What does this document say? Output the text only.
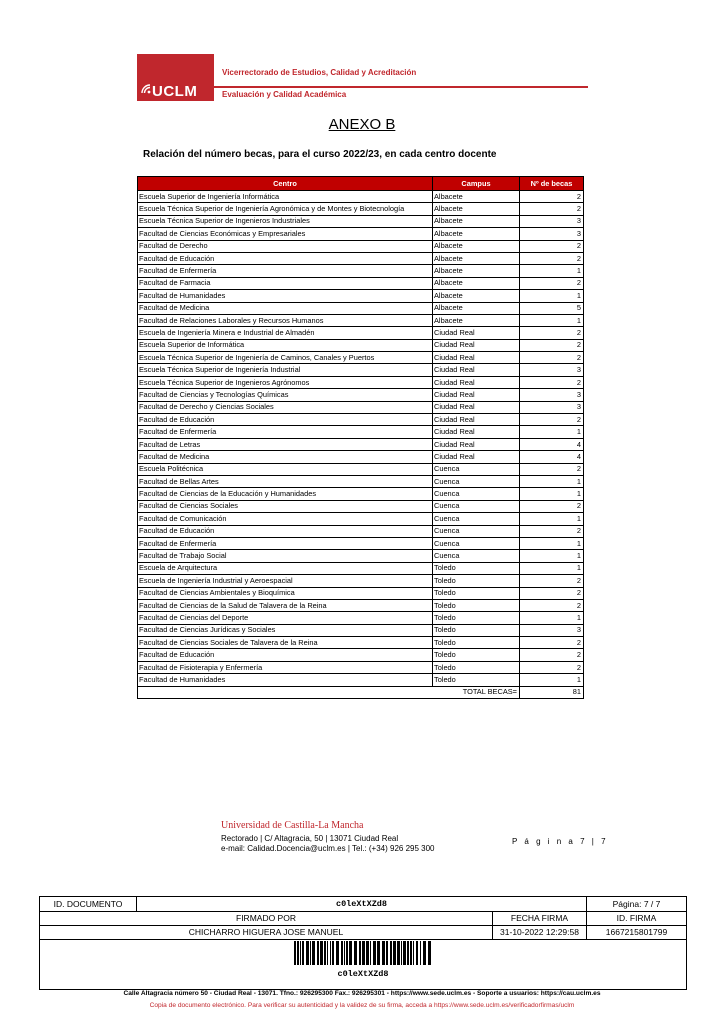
UCLM
Vicerrectorado de Estudios, Calidad y Acreditación
Evaluación y Calidad Académica
ANEXO B
Relación del número becas, para el curso 2022/23, en cada centro docente
Centro	Campus	Nº de becas
Escuela Superior de Ingeniería Informática	Albacete	2
Escuela Técnica Superior de Ingeniería Agronómica y de Montes y Biotecnología	Albacete	2
Escuela Técnica Superior de Ingenieros Industriales	Albacete	3
Facultad de Ciencias Económicas y Empresariales	Albacete	3
Facultad de Derecho	Albacete	2
Facultad de Educación	Albacete	2
Facultad de Enfermería	Albacete	1
Facultad de Farmacia	Albacete	2
Facultad de Humanidades	Albacete	1
Facultad de Medicina	Albacete	5
Facultad de Relaciones Laborales y Recursos Humanos	Albacete	1
Escuela de Ingeniería Minera e Industrial de Almadén	Ciudad Real	2
Escuela Superior de Informática	Ciudad Real	2
Escuela Técnica Superior de Ingeniería de Caminos, Canales y Puertos	Ciudad Real	2
Escuela Técnica Superior de Ingeniería Industrial	Ciudad Real	3
Escuela Técnica Superior de Ingenieros Agrónomos	Ciudad Real	2
Facultad de Ciencias y Tecnologías Químicas	Ciudad Real	3
Facultad de Derecho y Ciencias Sociales	Ciudad Real	3
Facultad de Educación	Ciudad Real	2
Facultad de Enfermería	Ciudad Real	1
Facultad de Letras	Ciudad Real	4
Facultad de Medicina	Ciudad Real	4
Escuela Politécnica	Cuenca	2
Facultad de Bellas Artes	Cuenca	1
Facultad de Ciencias de la Educación y Humanidades	Cuenca	1
Facultad de Ciencias Sociales	Cuenca	2
Facultad de Comunicación	Cuenca	1
Facultad de Educación	Cuenca	2
Facultad de Enfermería	Cuenca	1
Facultad de Trabajo Social	Cuenca	1
Escuela de Arquitectura	Toledo	1
Escuela de Ingeniería Industrial y Aeroespacial	Toledo	2
Facultad de Ciencias Ambientales y Bioquímica	Toledo	2
Facultad de Ciencias de la Salud de Talavera de la Reina	Toledo	2
Facultad de Ciencias del Deporte	Toledo	1
Facultad de Ciencias Jurídicas y Sociales	Toledo	3
Facultad de Ciencias Sociales de Talavera de la Reina	Toledo	2
Facultad de Educación	Toledo	2
Facultad de Fisioterapia y Enfermería	Toledo	2
Facultad de Humanidades	Toledo	1
	TOTAL BECAS=	81
Universidad de Castilla-La Mancha
Rectorado | C/ Altagracia, 50 | 13071 Ciudad Real
e-mail: Calidad.Docencia@uclm.es | Tel.: (+34) 926 295 300
P á g i n a 7 | 7
ID. DOCUMENTO	c0leXtXZd8	Página: 7 / 7
FIRMADO POR	FECHA FIRMA	ID. FIRMA
CHICHARRO HIGUERA JOSE MANUEL	31-10-2022 12:29:58	1667215801799
c0leXtXZd8
Calle Altagracia número 50 - Ciudad Real - 13071. Tfno.: 926295300 Fax.: 926295301 - https://www.sede.uclm.es - Soporte a usuarios: https://cau.uclm.es
Copia de documento electrónico. Para verificar su autenticidad y la validez de su firma, acceda a https://www.sede.uclm.es/verificadorfirmas/uclm
